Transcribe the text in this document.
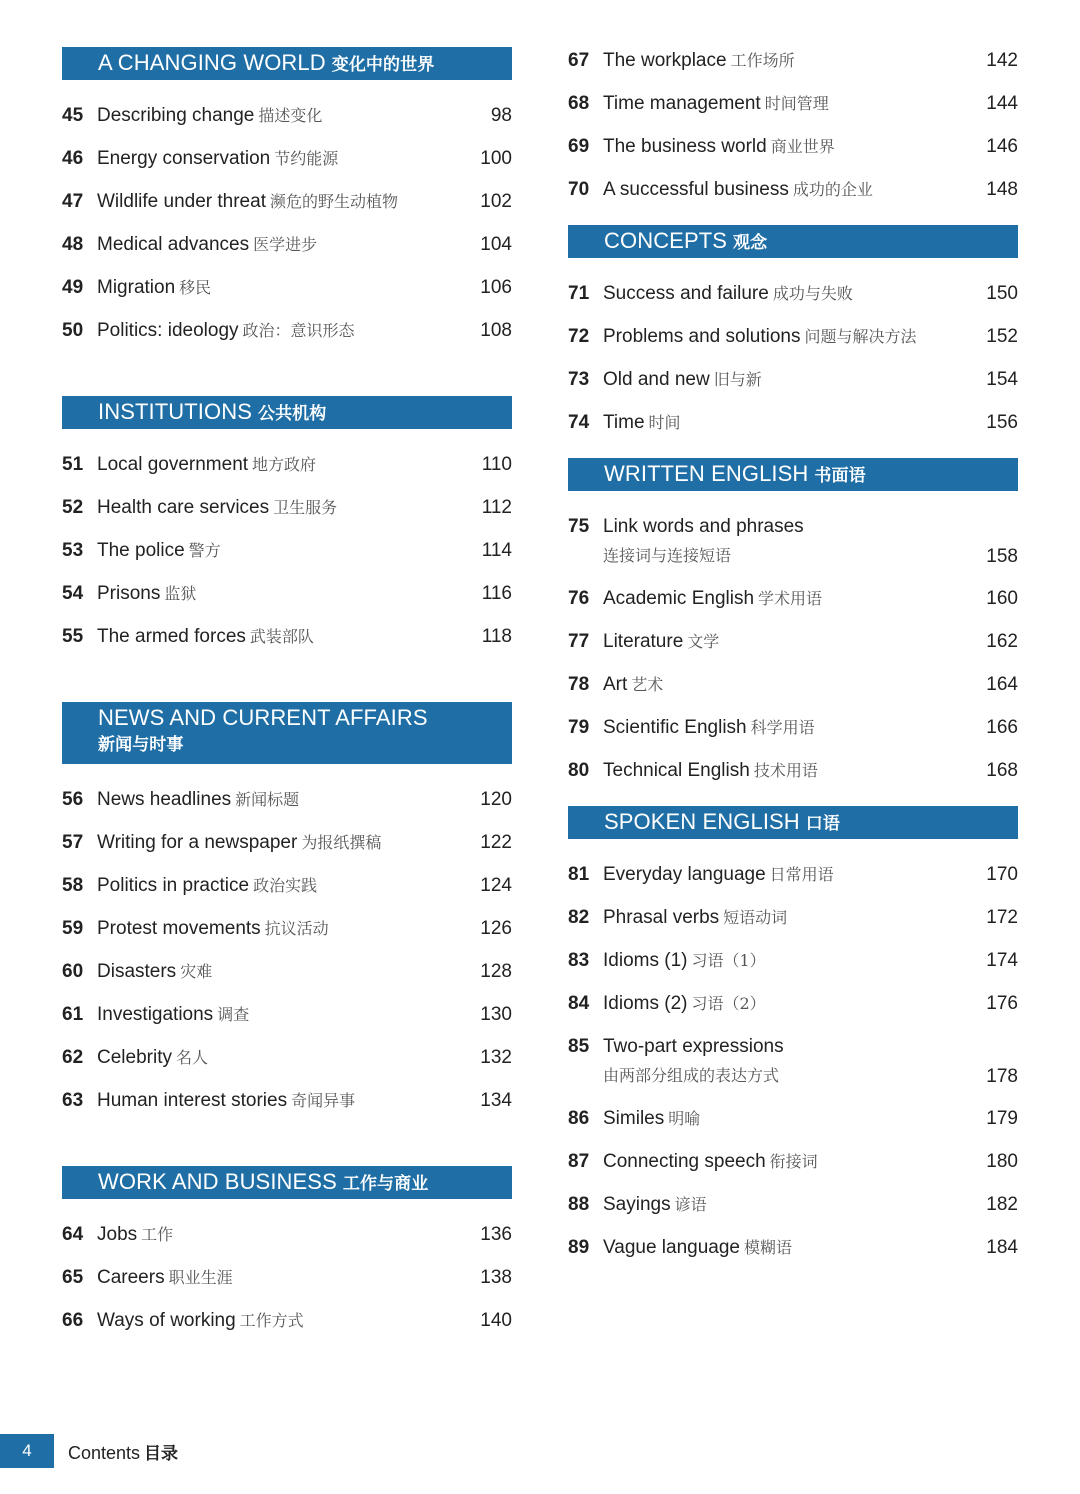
A CHANGING WORLD 变化中的世界
45 Describing change 描述变化	98
46 Energy conservation 节约能源	100
47 Wildlife under threat 濒危的野生动植物	102
48 Medical advances 医学进步	104
49 Migration 移民	106
50 Politics: ideology 政治：意识形态	108
INSTITUTIONS 公共机构
51 Local government 地方政府	110
52 Health care services 卫生服务	112
53 The police 警方	114
54 Prisons 监狱	116
55 The armed forces 武装部队	118
NEWS AND CURRENT AFFAIRS
新闻与时事
56 News headlines 新闻标题	120
57 Writing for a newspaper 为报纸撰稿	122
58 Politics in practice 政治实践	124
59 Protest movements 抗议活动	126
60 Disasters 灾难	128
61 Investigations 调查	130
62 Celebrity 名人	132
63 Human interest stories 奇闻异事	134
WORK AND BUSINESS 工作与商业
64 Jobs 工作	136
65 Careers 职业生涯	138
66 Ways of working 工作方式	140
67 The workplace 工作场所	142
68 Time management 时间管理	144
69 The business world 商业世界	146
70 A successful business 成功的企业	148
CONCEPTS 观念
71 Success and failure 成功与失败	150
72 Problems and solutions 问题与解决方法	152
73 Old and new 旧与新	154
74 Time 时间	156
WRITTEN ENGLISH 书面语
75 Link words and phrases
连接词与连接短语	158
76 Academic English 学术用语	160
77 Literature 文学	162
78 Art 艺术	164
79 Scientific English 科学用语	166
80 Technical English 技术用语	168
SPOKEN ENGLISH 口语
81 Everyday language 日常用语	170
82 Phrasal verbs 短语动词	172
83 Idioms (1) 习语（1）	174
84 Idioms (2) 习语（2）	176
85 Two-part expressions
由两部分组成的表达方式	178
86 Similes 明喻	179
87 Connecting speech 衔接词	180
88 Sayings 谚语	182
89 Vague language 模糊语	184
4	Contents 目录
